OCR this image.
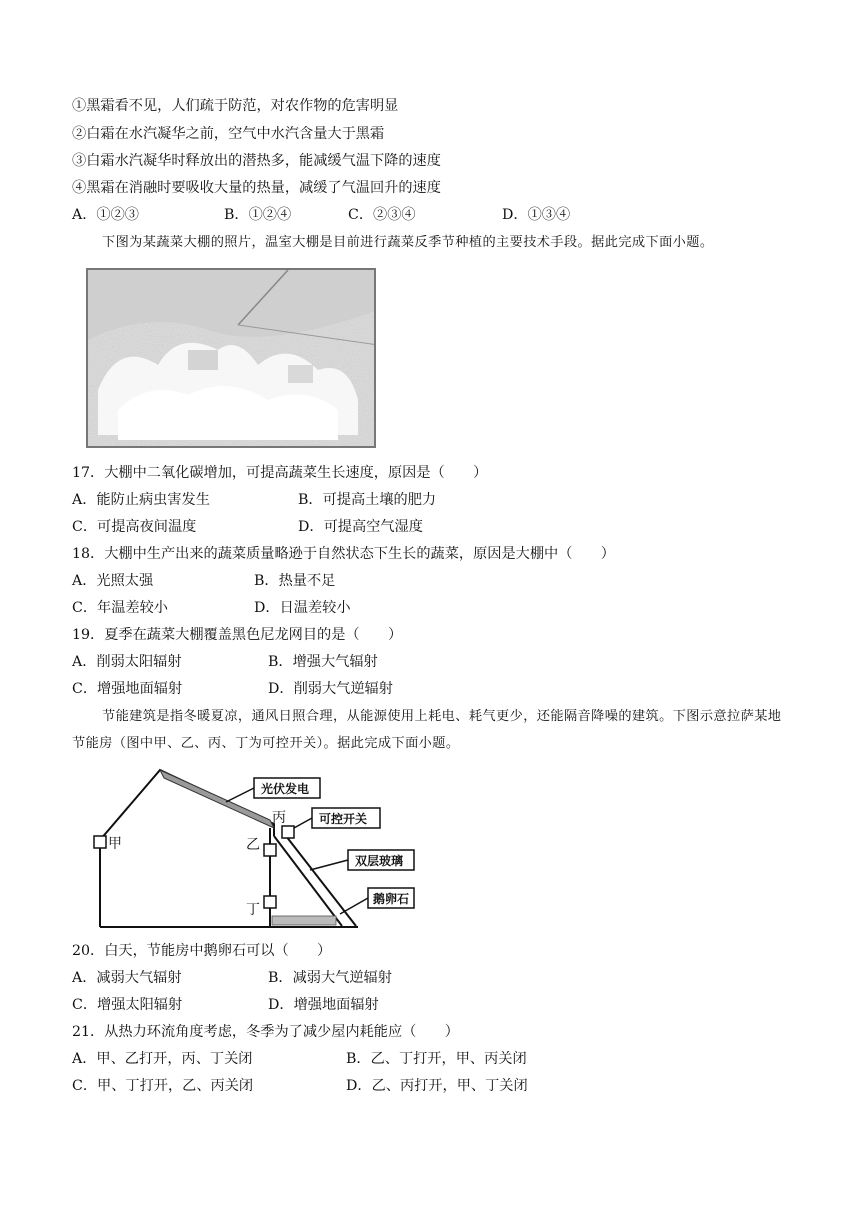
①黑霜看不见，人们疏于防范，对农作物的危害明显
②白霜在水汽凝华之前，空气中水汽含量大于黑霜
③白霜水汽凝华时释放出的潜热多，能减缓气温下降的速度
④黑霜在消融时要吸收大量的热量，减缓了气温回升的速度
A．①②③	B．①②④	C．②③④	D．①③④
下图为某蔬菜大棚的照片，温室大棚是目前进行蔬菜反季节种植的主要技术手段。据此完成下面小题。
17．大棚中二氧化碳增加，可提高蔬菜生长速度，原因是（　　）
A．能防止病虫害发生	B．可提高土壤的肥力
C．可提高夜间温度	D．可提高空气湿度
18．大棚中生产出来的蔬菜质量略逊于自然状态下生长的蔬菜，原因是大棚中（　　）
A．光照太强	B．热量不足
C．年温差较小	D．日温差较小
19．夏季在蔬菜大棚覆盖黑色尼龙网目的是（　　）
A．削弱太阳辐射	B．增强大气辐射
C．增强地面辐射	D．削弱大气逆辐射
节能建筑是指冬暖夏凉，通风日照合理，从能源使用上耗电、耗气更少，还能隔音降噪的建筑。下图示意拉萨某地节能房（图中甲、乙、丙、丁为可控开关）。据此完成下面小题。
甲	乙
丙
丁
光伏发电
可控开关
双层玻璃
鹅卵石
20．白天，节能房中鹅卵石可以（　　）
A．减弱大气辐射	B．减弱大气逆辐射
C．增强太阳辐射	D．增强地面辐射
21．从热力环流角度考虑，冬季为了减少屋内耗能应（　　）
A．甲、乙打开，丙、丁关闭	B．乙、丁打开，甲、丙关闭
C．甲、丁打开，乙、丙关闭	D．乙、丙打开，甲、丁关闭
